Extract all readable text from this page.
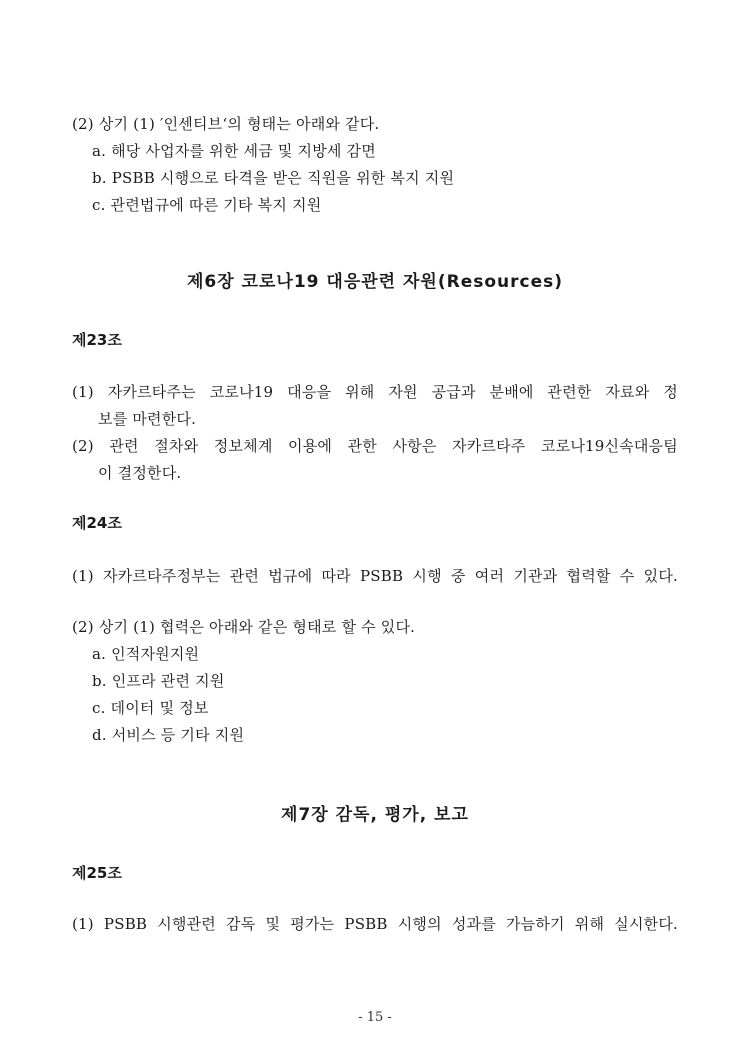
(2) 상기 (1) ′인센티브‘의 형태는 아래와 같다.
a. 해당 사업자를 위한 세금 및 지방세 감면
b. PSBB 시행으로 타격을 받은 직원을 위한 복지 지원
c. 관련법규에 따른 기타 복지 지원
제6장 코로나19 대응관련 자원(Resources)
제23조
(1) 자카르타주는 코로나19 대응을 위해 자원 공급과 분배에 관련한 자료와 정
보를 마련한다.
(2) 관련 절차와 정보체계 이용에 관한 사항은 자카르타주 코로나19신속대응팀
이 결정한다.
제24조
(1) 자카르타주정부는 관련 법규에 따라 PSBB 시행 중 여러 기관과 협력할 수 있다.
(2) 상기 (1) 협력은 아래와 같은 형태로 할 수 있다.
a. 인적자원지원
b. 인프라 관련 지원
c. 데이터 및 정보
d. 서비스 등 기타 지원
제7장 감독, 평가, 보고
제25조
(1) PSBB 시행관련 감독 및 평가는 PSBB 시행의 성과를 가늠하기 위해 실시한다.
- 15 -
